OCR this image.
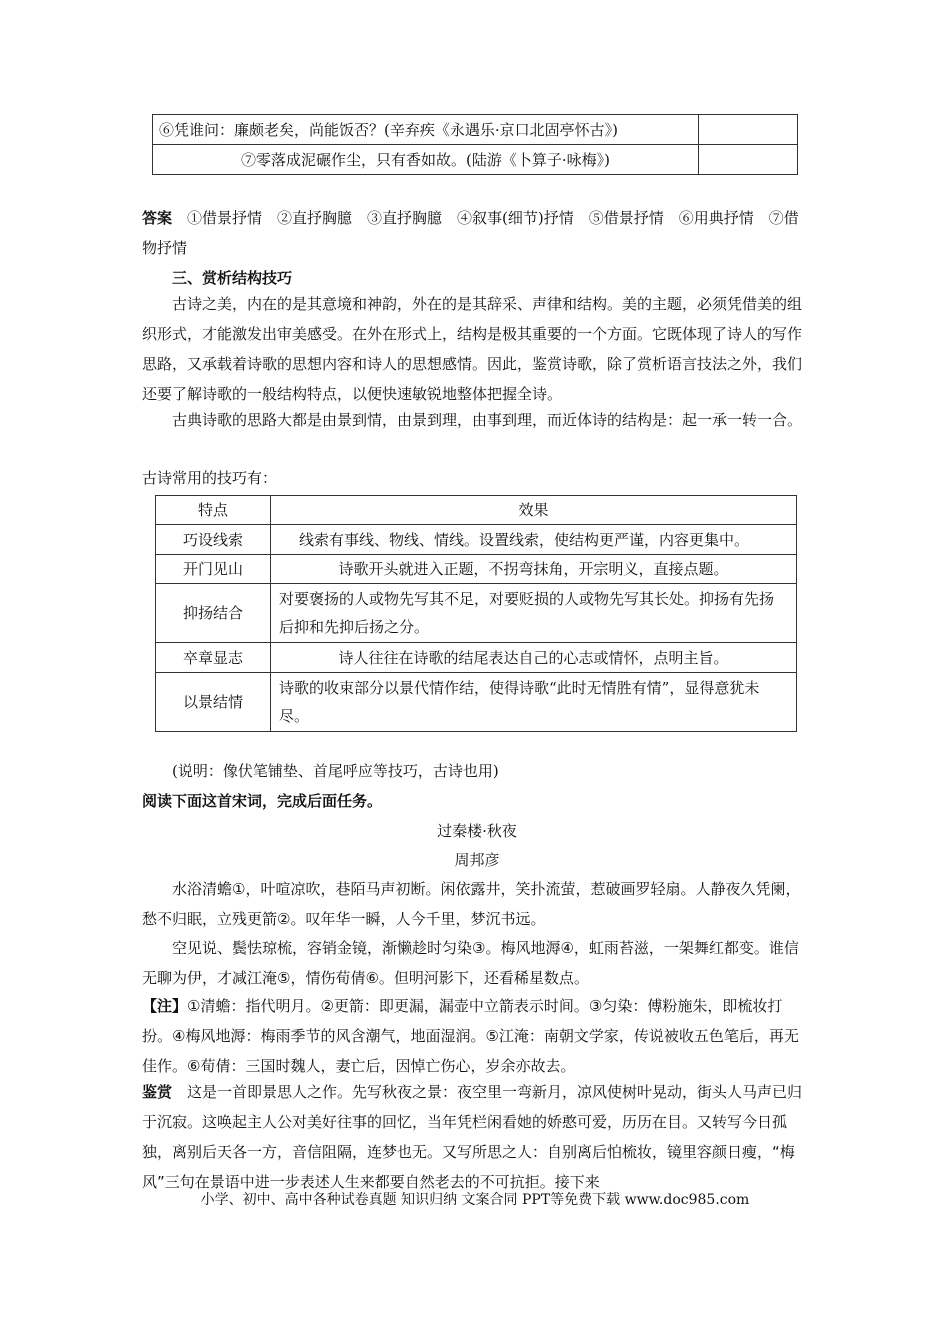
⑥凭谁问：廉颇老矣，尚能饭否？(辛弃疾《永遇乐·京口北固亭怀古》)	
⑦零落成泥碾作尘，只有香如故。(陆游《卜算子·咏梅》)	
答案　 ①借景抒情　②直抒胸臆　③直抒胸臆　④叙事(细节)抒情　⑤借景抒情　⑥用典抒情　⑦借物抒情
三、赏析结构技巧
古诗之美，内在的是其意境和神韵，外在的是其辞采、声律和结构。美的主题，必须凭借美的组织形式，才能激发出审美感受。在外在形式上，结构是极其重要的一个方面。它既体现了诗人的写作思路，又承载着诗歌的思想内容和诗人的思想感情。因此，鉴赏诗歌，除了赏析语言技法之外，我们还要了解诗歌的一般结构特点，以便快速敏锐地整体把握全诗。
古典诗歌的思路大都是由景到情，由景到理，由事到理，而近体诗的结构是：起一承一转一合。
古诗常用的技巧有：
特点	效果
巧设线索	线索有事线、物线、情线。设置线索，使结构更严谨，内容更集中。
开门见山	诗歌开头就进入正题，不拐弯抹角，开宗明义，直接点题。
抑扬结合	对要褒扬的人或物先写其不足，对要贬损的人或物先写其长处。抑扬有先扬后抑和先抑后扬之分。
卒章显志	诗人往往在诗歌的结尾表达自己的心志或情怀，点明主旨。
以景结情	诗歌的收束部分以景代情作结，使得诗歌“此时无情胜有情”，显得意犹未尽。
(说明：像伏笔铺垫、首尾呼应等技巧，古诗也用)
阅读下面这首宋词，完成后面任务。
过秦楼·秋夜
周邦彦
水浴清蟾①，叶喧凉吹，巷陌马声初断。闲依露井，笑扑流萤，惹破画罗轻扇。人静夜久凭阑，愁不归眠，立残更箭②。叹年华一瞬，人今千里，梦沉书远。
空见说、鬓怯琼梳，容销金镜，渐懒趁时匀染③。梅风地溽④，虹雨苔滋，一架舞红都变。谁信无聊为伊，才减江淹⑤，情伤荀倩⑥。但明河影下，还看稀星数点。
【注】①清蟾：指代明月。②更箭：即更漏，漏壶中立箭表示时间。③匀染：傅粉施朱，即梳妆打扮。④梅风地溽：梅雨季节的风含潮气，地面湿润。⑤江淹：南朝文学家，传说被收五色笔后，再无佳作。⑥荀倩：三国时魏人，妻亡后，因悼亡伤心，岁余亦故去。
鉴赏　 这是一首即景思人之作。先写秋夜之景：夜空里一弯新月，凉风使树叶晃动，街头人马声已归于沉寂。这唤起主人公对美好往事的回忆，当年凭栏闲看她的娇憨可爱，历历在目。又转写今日孤独，离别后天各一方，音信阻隔，连梦也无。又写所思之人：自别离后怕梳妆，镜里容颜日瘦，“梅风”三句在景语中进一步表述人生来都要自然老去的不可抗拒。接下来
小学、初中、高中各种试卷真题 知识归纳 文案合同 PPT等免费下载 www.doc985.com
